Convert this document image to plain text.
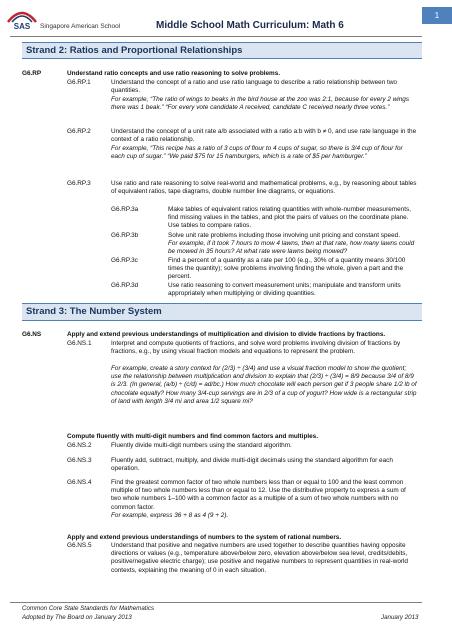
SAS Singapore American School	Middle School Math Curriculum: Math 6
1
Strand 2: Ratios and Proportional Relationships

G6.RP	Understand ratio concepts and use ratio reasoning to solve problems.

G6.RP.1	Understand the concept of a ratio and use ratio language to describe a ratio relationship between two quantities.

For example, “The ratio of wings to beaks in the bird house at the zoo was 2:1, because for every 2 wings there was 1 beak.” “For every vote candidate A received, candidate C received nearly three votes.”

G6.RP.2	Understand the concept of a unit rate a/b associated with a ratio a:b with b ≠ 0, and use rate language in the context of a ratio relationship.

For example, “This recipe has a ratio of 3 cups of flour to 4 cups of sugar, so there is 3/4 cup of flour for each cup of sugar.” “We paid $75 for 15 hamburgers, which is a rate of $5 per hamburger.”

G6.RP.3	Use ratio and rate reasoning to solve real-world and mathematical problems, e.g., by reasoning about tables of equivalent ratios, tape diagrams, double number line diagrams, or equations.

G6.RP.3a	Make tables of equivalent ratios relating quantities with whole-number measurements, find missing values in the tables, and plot the pairs of values on the coordinate plane. Use tables to compare ratios.

G6.RP.3b	Solve unit rate problems including those involving unit pricing and constant speed.

For example, if it took 7 hours to mow 4 lawns, then at that rate, how many lawns could be mowed in 35 hours? At what rate were lawns being mowed?

G6.RP.3c	Find a percent of a quantity as a rate per 100 (e.g., 30% of a quantity means 30/100 times the quantity); solve problems involving finding the whole, given a part and the percent.

G6.RP.3d	Use ratio reasoning to convert measurement units; manipulate and transform units appropriately when multiplying or dividing quantities.

Strand 3: The Number System

G6.NS	Apply and extend previous understandings of multiplication and division to divide fractions by fractions.

G6.NS.1	Interpret and compute quotients of fractions, and solve word problems involving division of fractions by fractions, e.g., by using visual fraction models and equations to represent the problem.

For example, create a story context for (2/3) ÷ (3/4) and use a visual fraction model to show the quotient; use the relationship between multiplication and division to explain that (2/3) ÷ (3/4) = 8/9 because 3/4 of 8/9 is 2/3. (In general, (a/b) ÷ (c/d) = ad/bc.) How much chocolate will each person get if 3 people share 1/2 lb of chocolate equally? How many 3/4-cup servings are in 2/3 of a cup of yogurt? How wide is a rectangular strip of land with length 3/4 mi and area 1/2 square mi?

Compute fluently with multi-digit numbers and find common factors and multiples.

G6.NS.2	Fluently divide multi-digit numbers using the standard algorithm.

G6.NS.3	Fluently add, subtract, multiply, and divide multi-digit decimals using the standard algorithm for each operation.

G6.NS.4	Find the greatest common factor of two whole numbers less than or equal to 100 and the least common multiple of two whole numbers less than or equal to 12. Use the distributive property to express a sum of two whole numbers 1–100 with a common factor as a multiple of a sum of two whole numbers with no common factor.

For example, express 36 + 8 as 4 (9 + 2).

Apply and extend previous understandings of numbers to the system of rational numbers.

G6.NS.5	Understand that positive and negative numbers are used together to describe quantities having opposite directions or values (e.g., temperature above/below zero, elevation above/below sea level, credits/debits, positive/negative electric charge); use positive and negative numbers to represent quantities in real-world contexts, explaining the meaning of 0 in each situation.

Common Core State Standards for Mathematics
Adopted by The Board on January 2013	January 2013
